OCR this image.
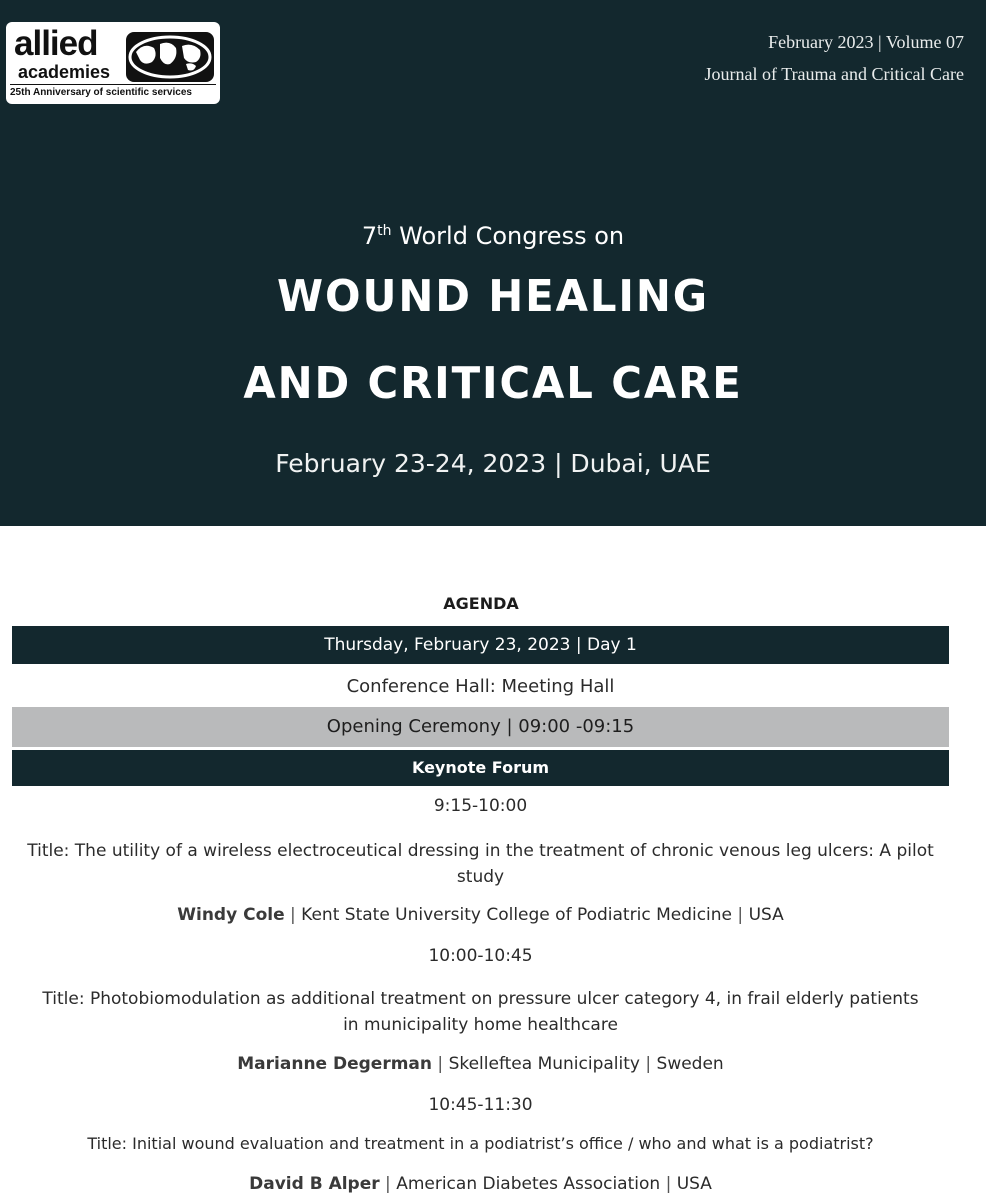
allied
academies
25th Anniversary of scientific services
February 2023 | Volume 07
Journal of Trauma and Critical Care
7th World Congress on
WOUND HEALING
AND CRITICAL CARE
February 23-24, 2023 | Dubai, UAE
AGENDA
Thursday, February 23, 2023 | Day 1
Conference Hall: Meeting Hall
Opening Ceremony | 09:00 -09:15
Keynote Forum
9:15-10:00
Title: The utility of a wireless electroceutical dressing in the treatment of chronic venous leg ulcers: A pilot study
Windy Cole | Kent State University College of Podiatric Medicine | USA
10:00-10:45
Title: Photobiomodulation as additional treatment on pressure ulcer category 4, in frail elderly patients in municipality home healthcare
Marianne Degerman | Skelleftea Municipality | Sweden
10:45-11:30
Title: Initial wound evaluation and treatment in a podiatrist’s office / who and what is a podiatrist?
David B Alper | American Diabetes Association | USA
